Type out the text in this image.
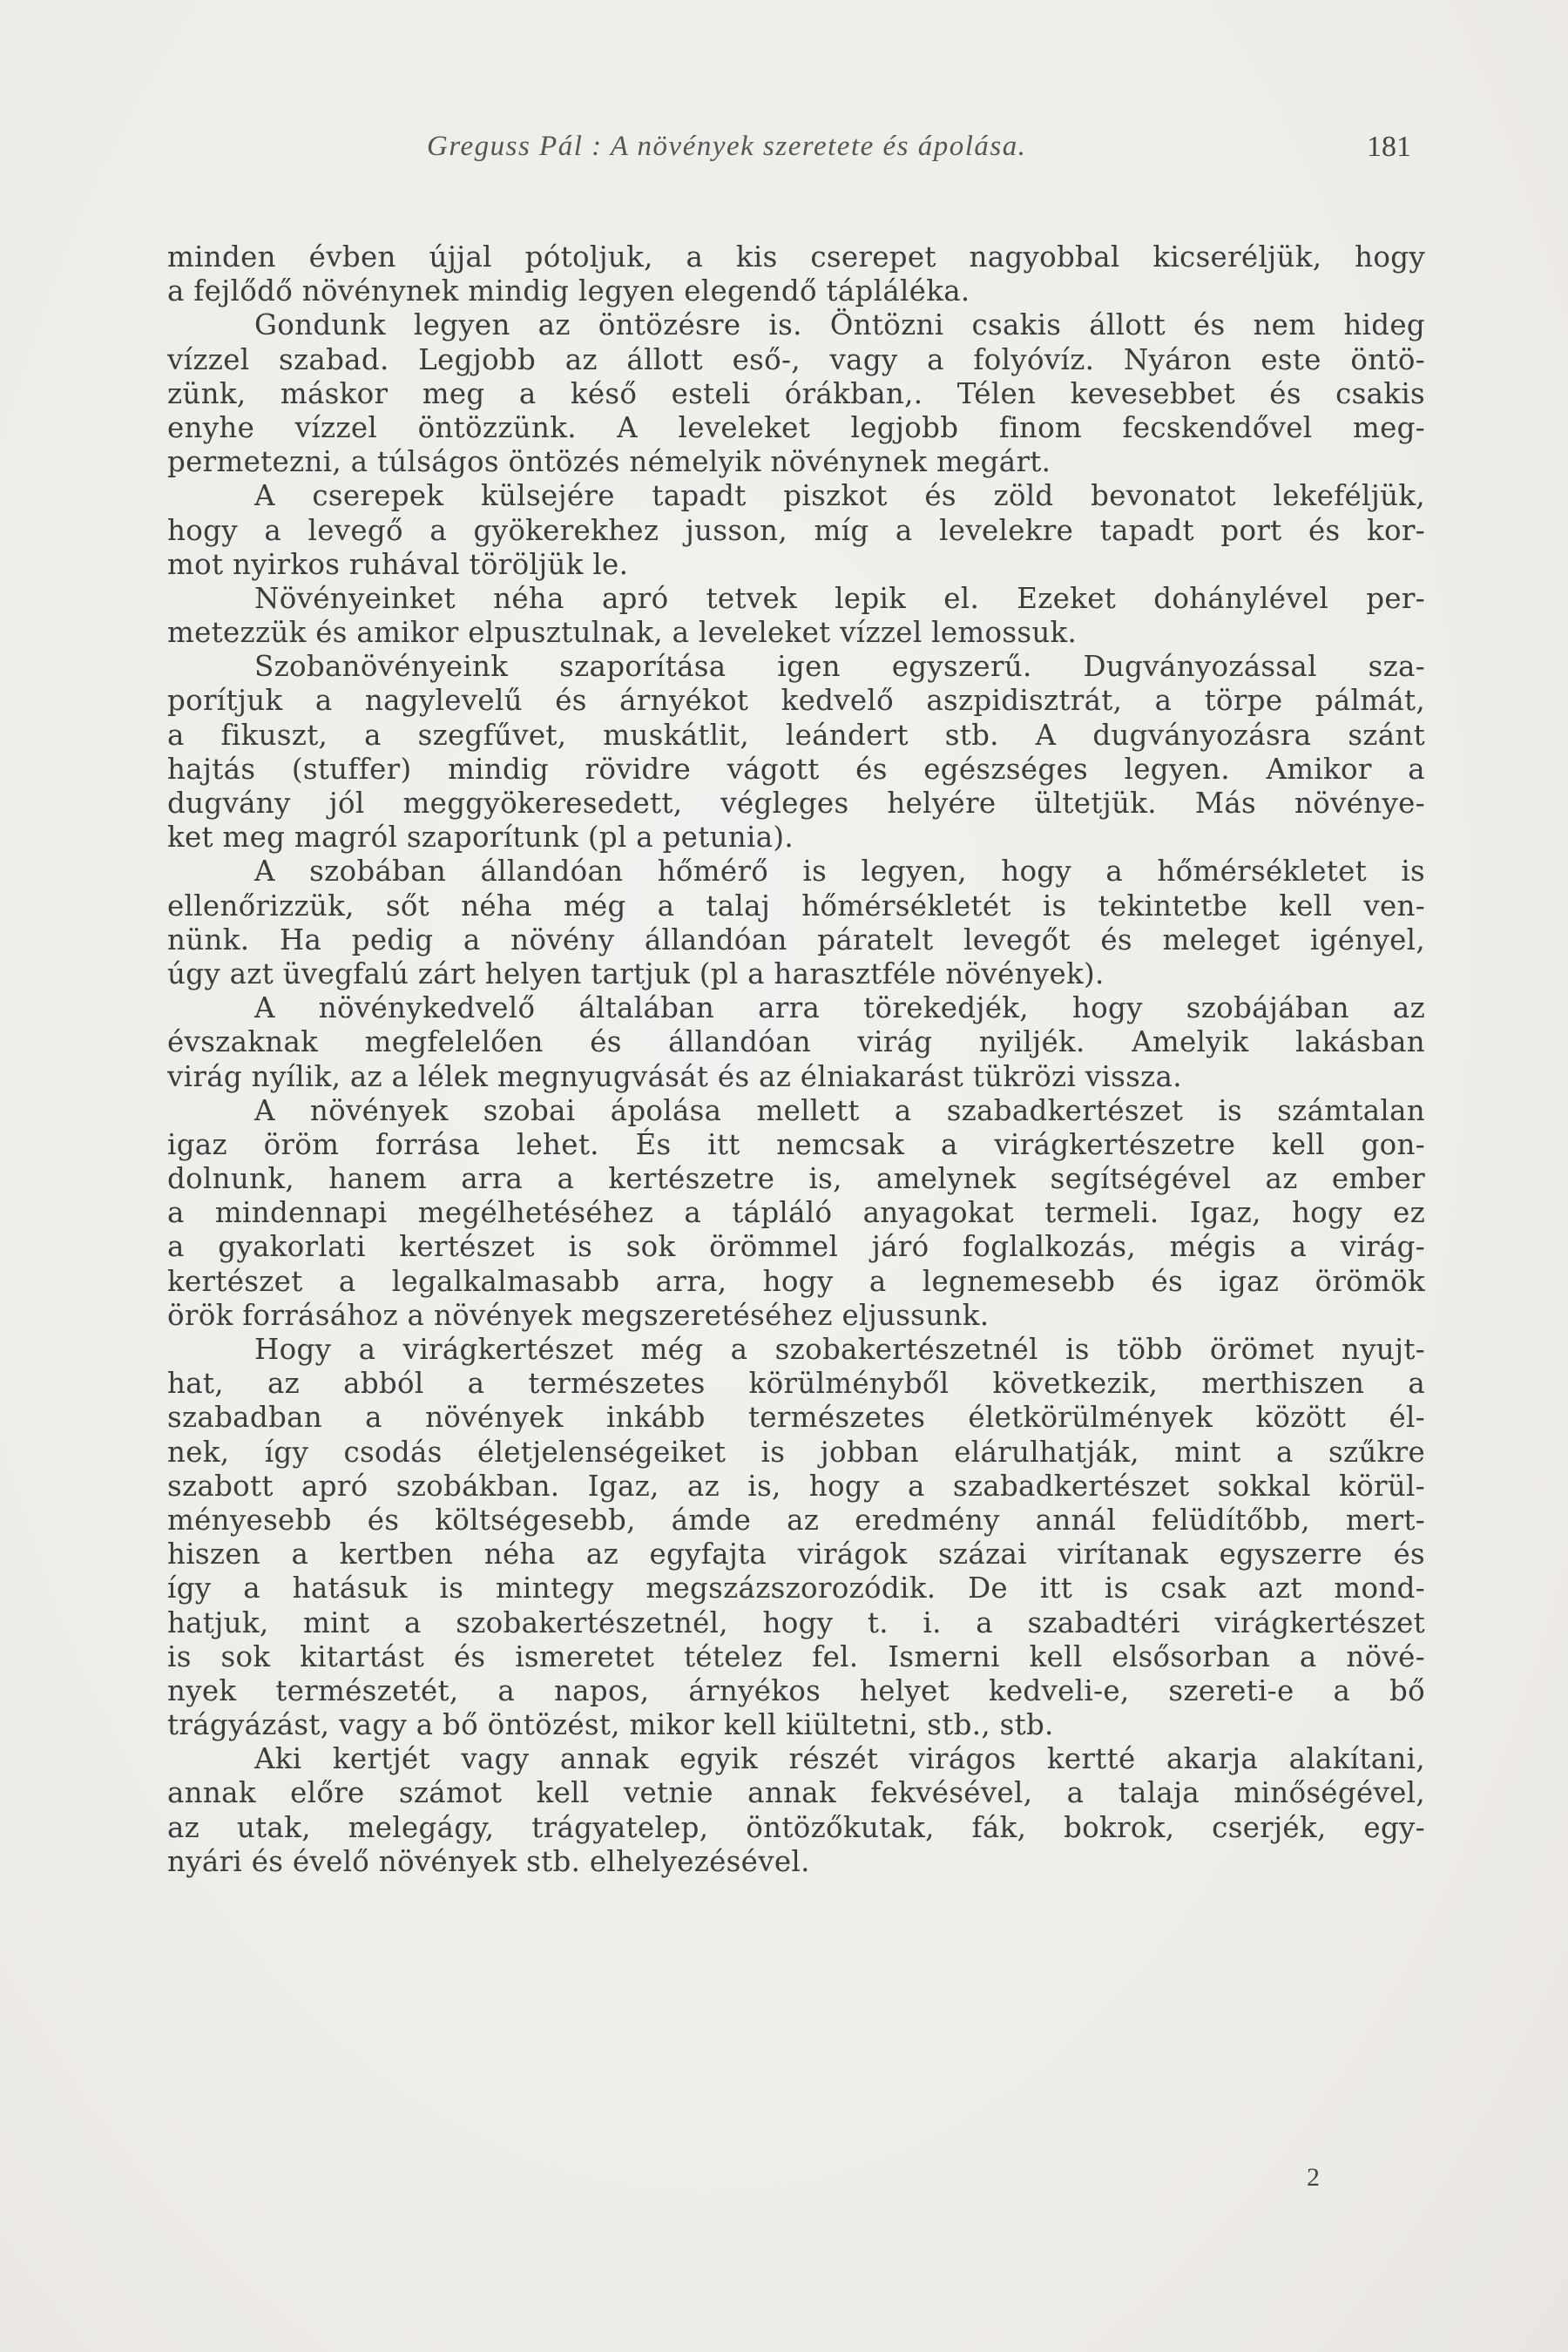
Greguss Pál : A növények szeretete és ápolása.	181
minden évben újjal pótoljuk, a kis cserepet nagyobbal kicseréljük, hogy
a fejlődő növénynek mindig legyen elegendő tápláléka.
Gondunk legyen az öntözésre is. Öntözni csakis állott és nem hideg
vízzel szabad. Legjobb az állott eső-, vagy a folyóvíz. Nyáron este öntö-
zünk, máskor meg a késő esteli órákban,. Télen kevesebbet és csakis
enyhe vízzel öntözzünk. A leveleket legjobb finom fecskendővel meg-
permetezni, a túlságos öntözés némelyik növénynek megárt.
A cserepek külsejére tapadt piszkot és zöld bevonatot lekeféljük,
hogy a levegő a gyökerekhez jusson, míg a levelekre tapadt port és kor-
mot nyirkos ruhával töröljük le.
Növényeinket néha apró tetvek lepik el. Ezeket dohánylével per-
metezzük és amikor elpusztulnak, a leveleket vízzel lemossuk.
Szobanövényeink szaporítása igen egyszerű. Dugványozással sza-
porítjuk a nagylevelű és árnyékot kedvelő aszpidisztrát, a törpe pálmát,
a fikuszt, a szegfűvet, muskátlit, leándert stb. A dugványozásra szánt
hajtás (stuffer) mindig rövidre vágott és egészséges legyen. Amikor a
dugvány jól meggyökeresedett, végleges helyére ültetjük. Más növénye-
ket meg magról szaporítunk (pl a petunia).
A szobában állandóan hőmérő is legyen, hogy a hőmérsékletet is
ellenőrizzük, sőt néha még a talaj hőmérsékletét is tekintetbe kell ven-
nünk. Ha pedig a növény állandóan páratelt levegőt és meleget igényel,
úgy azt üvegfalú zárt helyen tartjuk (pl a harasztféle növények).
A növénykedvelő általában arra törekedjék, hogy szobájában az
évszaknak megfelelően és állandóan virág nyiljék. Amelyik lakásban
virág nyílik, az a lélek megnyugvását és az élniakarást tükrözi vissza.
A növények szobai ápolása mellett a szabadkertészet is számtalan
igaz öröm forrása lehet. És itt nemcsak a virágkertészetre kell gon-
dolnunk, hanem arra a kertészetre is, amelynek segítségével az ember
a mindennapi megélhetéséhez a tápláló anyagokat termeli. Igaz, hogy ez
a gyakorlati kertészet is sok örömmel járó foglalkozás, mégis a virág-
kertészet a legalkalmasabb arra, hogy a legnemesebb és igaz örömök
örök forrásához a növények megszeretéséhez eljussunk.
Hogy a virágkertészet még a szobakertészetnél is több örömet nyujt-
hat, az abból a természetes körülményből következik, merthiszen a
szabadban a növények inkább természetes életkörülmények között él-
nek, így csodás életjelenségeiket is jobban elárulhatják, mint a szűkre
szabott apró szobákban. Igaz, az is, hogy a szabadkertészet sokkal körül-
ményesebb és költségesebb, ámde az eredmény annál felüdítőbb, mert-
hiszen a kertben néha az egyfajta virágok százai virítanak egyszerre és
így a hatásuk is mintegy megszázszorozódik. De itt is csak azt mond-
hatjuk, mint a szobakertészetnél, hogy t. i. a szabadtéri virágkertészet
is sok kitartást és ismeretet tételez fel. Ismerni kell elsősorban a növé-
nyek természetét, a napos, árnyékos helyet kedveli-e, szereti-e a bő
trágyázást, vagy a bő öntözést, mikor kell kiültetni, stb., stb.
Aki kertjét vagy annak egyik részét virágos kertté akarja alakítani,
annak előre számot kell vetnie annak fekvésével, a talaja minőségével,
az utak, melegágy, trágyatelep, öntözőkutak, fák, bokrok, cserjék, egy-
nyári és évelő növények stb. elhelyezésével.
2
